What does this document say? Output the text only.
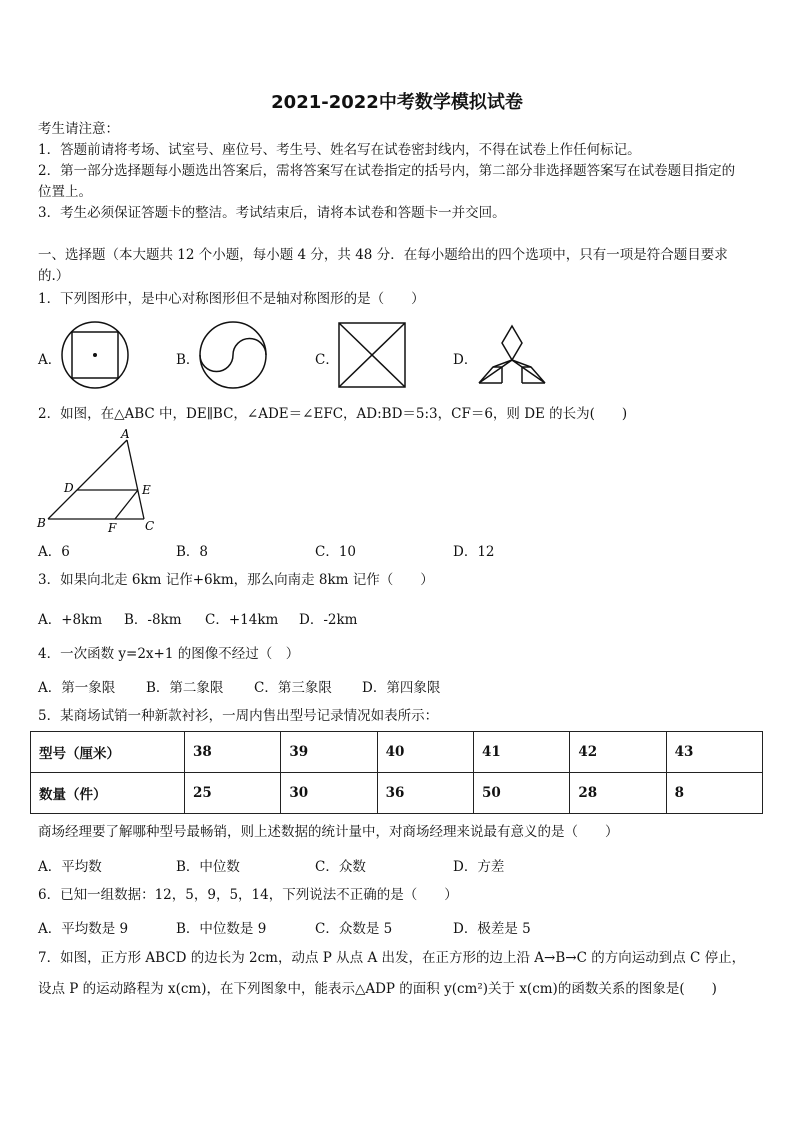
2021-2022中考数学模拟试卷
考生请注意：
1．答题前请将考场、试室号、座位号、考生号、姓名写在试卷密封线内，不得在试卷上作任何标记。
2．第一部分选择题每小题选出答案后，需将答案写在试卷指定的括号内，第二部分非选择题答案写在试卷题目指定的
位置上。
3．考生必须保证答题卡的整洁。考试结束后，请将本试卷和答题卡一并交回。
一、选择题（本大题共 12 个小题，每小题 4 分，共 48 分．在每小题给出的四个选项中，只有一项是符合题目要求
的.）
1．下列图形中，是中心对称图形但不是轴对称图形的是（　　）
A．	B．	C．	D．
2．如图，在△ABC 中，DE∥BC，∠ADE＝∠EFC，AD:BD＝5:3，CF＝6，则 DE 的长为(　　)
A
D	E
B	F C
A．6	B．8	C．10	D．12
3．如果向北走 6km 记作+6km，那么向南走 8km 记作（　　）
A．+8km B．-8km C．+14km D．-2km
4．一次函数 y=2x+1 的图像不经过（　）
A．第一象限 B．第二象限 C．第三象限 D．第四象限
5．某商场试销一种新款衬衫，一周内售出型号记录情况如表所示：
型号（厘米）	38	39	40	41	42	43
数量（件）	25	30	36	50	28	8
商场经理要了解哪种型号最畅销，则上述数据的统计量中，对商场经理来说最有意义的是（　　）
A．平均数	B．中位数	C．众数	D．方差
6．已知一组数据：12，5，9，5，14，下列说法不正确的是（　　）
A．平均数是 9	B．中位数是 9	C．众数是 5	D．极差是 5
7．如图，正方形 ABCD 的边长为 2cm，动点 P 从点 A 出发，在正方形的边上沿 A→B→C 的方向运动到点 C 停止，
设点 P 的运动路程为 x(cm)，在下列图象中，能表示△ADP 的面积 y(cm²)关于 x(cm)的函数关系的图象是(　　)
